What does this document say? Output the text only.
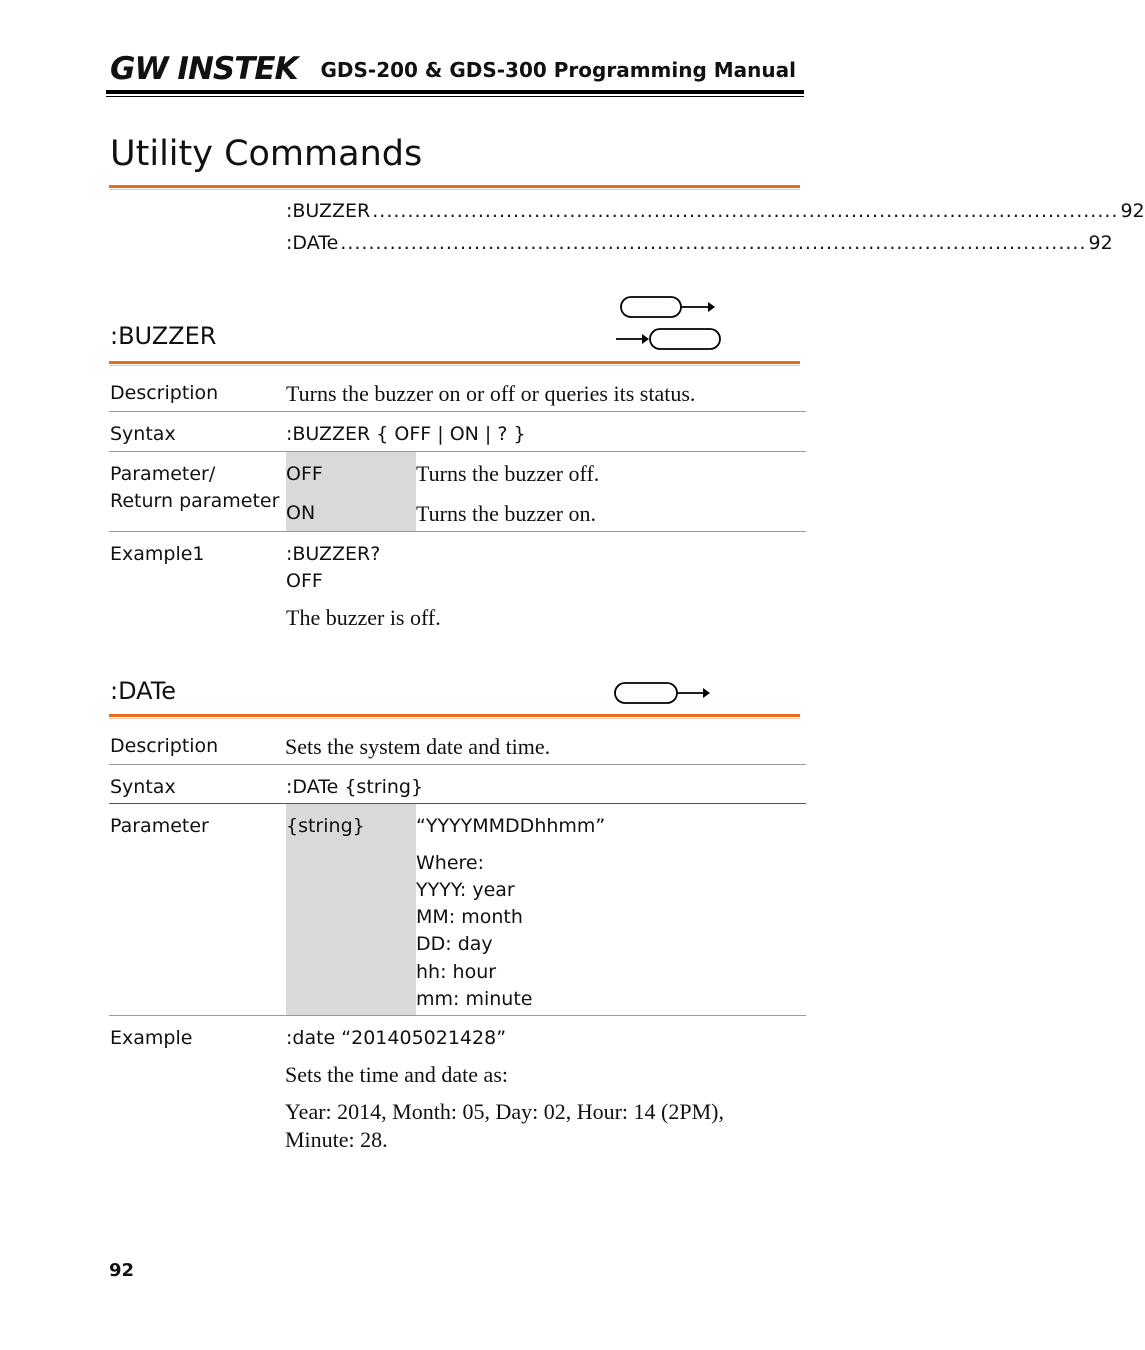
GW INSTEK GDS-200 & GDS-300 Programming Manual
Utility Commands
:BUZZER .......................................................................................................... 92
:DATe .......................................................................................................... 92
:BUZZER
Description	Turns the buzzer on or off or queries its status.
Syntax	:BUZZER { OFF | ON | ? }
Parameter/
Return parameter
OFF	Turns the buzzer off.
ON	Turns the buzzer on.
Example1	:BUZZER?
OFF
The buzzer is off.
:DATe
Description	Sets the system date and time.
Syntax	:DATe {string}
Parameter	{string}	“YYYYMMDDhhmm”
Where:
YYYY: year
MM: month
DD: day
hh: hour
mm: minute
Example	:date “201405021428”
Sets the time and date as:
Year: 2014, Month: 05, Day: 02, Hour: 14 (2PM),
Minute: 28.
92
